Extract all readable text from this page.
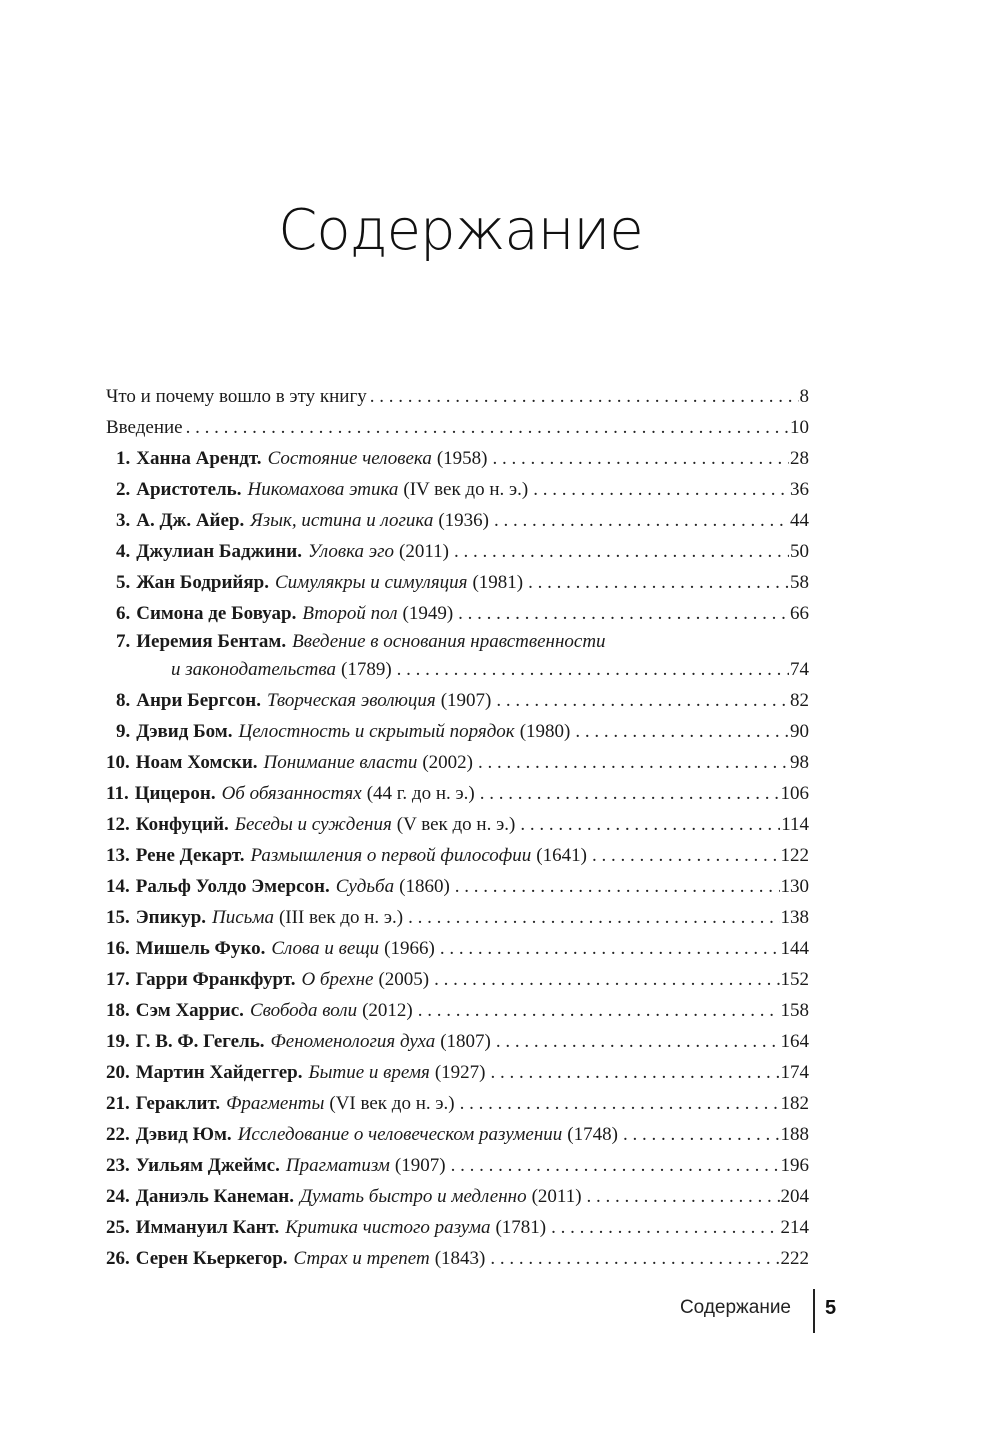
Содержание
Что и почему вошло в эту книгу . . .	8
Введение . . .	10
1. Ханна Арендт. Состояние человека (1958) . . .	28
2. Аристотель. Никомахова этика (IV век до н. э.) . . .	36
3. А. Дж. Айер. Язык, истина и логика (1936) . . .	44
4. Джулиан Баджини. Уловка эго (2011) . . .	50
5. Жан Бодрийяр. Симулякры и симуляция (1981) . . .	58
6. Симона де Бовуар. Второй пол (1949) . . .	66
7. Иеремия Бентам. Введение в основания нравственности
и законодательства (1789) . . .	74
8. Анри Бергсон. Творческая эволюция (1907) . . .	82
9. Дэвид Бом. Целостность и скрытый порядок (1980) . . .	90
10. Ноам Хомски. Понимание власти (2002) . . .	98
11. Цицерон. Об обязанностях (44 г. до н. э.) . . .	106
12. Конфуций. Беседы и суждения (V век до н. э.) . . .	114
13. Рене Декарт. Размышления о первой философии (1641) . . .	122
14. Ральф Уолдо Эмерсон. Судьба (1860) . . .	130
15. Эпикур. Письма (III век до н. э.) . . .	138
16. Мишель Фуко. Слова и вещи (1966) . . .	144
17. Гарри Франкфурт. О брехне (2005) . . .	152
18. Сэм Харрис. Свобода воли (2012) . . .	158
19. Г. В. Ф. Гегель. Феноменология духа (1807) . . .	164
20. Мартин Хайдеггер. Бытие и время (1927) . . .	174
21. Гераклит. Фрагменты (VI век до н. э.) . . .	182
22. Дэвид Юм. Исследование о человеческом разумении (1748) . . .	188
23. Уильям Джеймс. Прагматизм (1907) . . .	196
24. Даниэль Канеман. Думать быстро и медленно (2011) . . .	204
25. Иммануил Кант. Критика чистого разума (1781) . . .	214
26. Серен Кьеркегор. Страх и трепет (1843) . . .	222
Содержание 5
